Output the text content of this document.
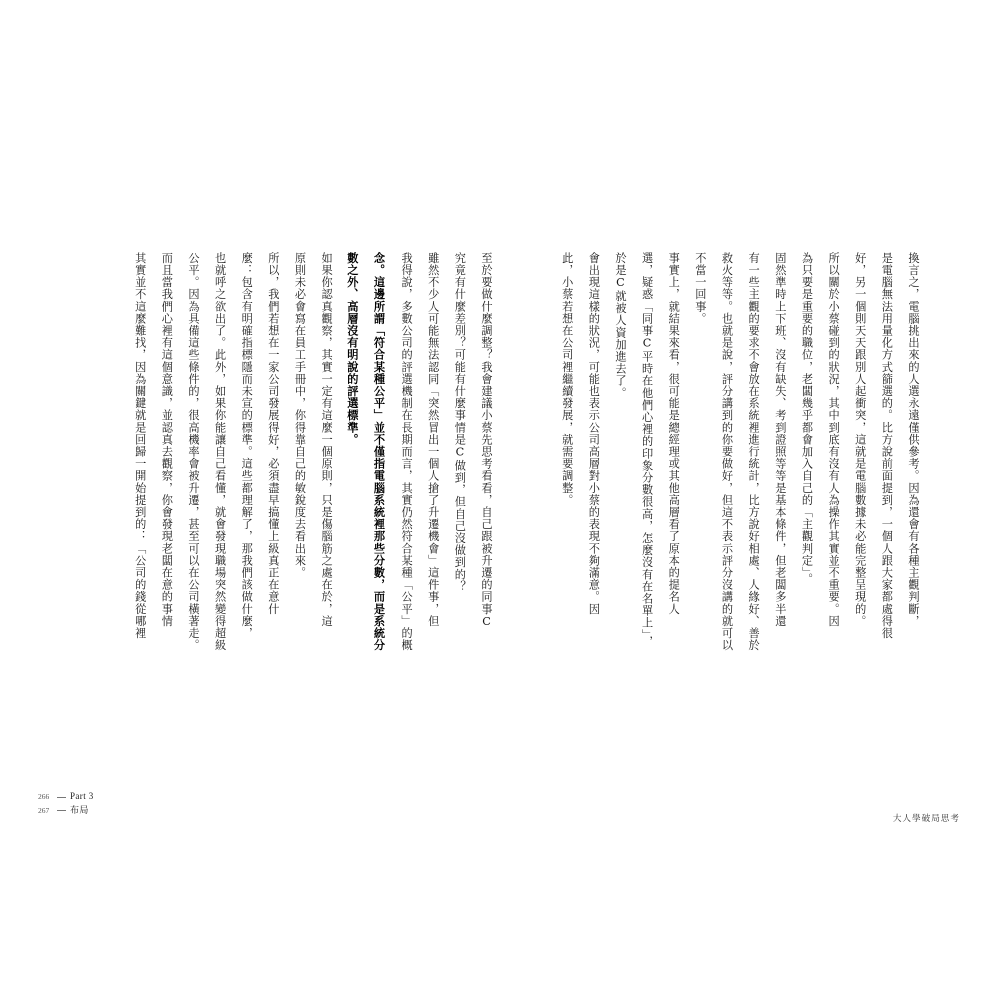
換言之，電腦挑出來的人選永遠僅供參考。因為還會有各種主觀判斷，
是電腦無法用量化方式篩選的。比方說前面提到，一個人跟大家都處得很
好，另一個則天天跟別人起衝突，這就是電腦數據未必能完整呈現的。
所以關於小蔡碰到的狀況，其中到底有沒有人為操作其實並不重要。因
為只要是重要的職位，老闆幾乎都會加入自己的「主觀判定」。
固然準時上下班、沒有缺失、考到證照等等是基本條件，但老闆多半還
有一些主觀的要求不會放在系統裡進行統計，比方說好相處、人緣好、善於
救火等等。也就是說，評分講到的你要做好，但這不表示評分沒講的就可以
不當一回事。
事實上，就結果來看，很可能是總經理或其他高層看了原本的提名人
選，疑惑「同事C平時在他們心裡的印象分數很高，怎麼沒有在名單上」，
於是C就被人資加進去了。
會出現這樣的狀況，可能也表示公司高層對小蔡的表現不夠滿意。因
此，小蔡若想在公司裡繼續發展，就需要調整。
至於要做什麼調整？我會建議小蔡先思考看看，自己跟被升遷的同事C
究竟有什麼差別？可能有什麼事情是C做到，但自己沒做到的？
雖然不少人可能無法認同「突然冒出一個人搶了升遷機會」這件事，但
我得說，多數公司的評選機制在長期而言，其實仍然符合某種「公平」的概
念。這邊所謂「符合某種公平」並不僅指電腦系統裡那些分數，而是系統分
數之外、高層沒有明說的評選標準。
如果你認真觀察，其實一定有這麼一個原則，只是傷腦筋之處在於，這
原則未必會寫在員工手冊中，你得靠自己的敏銳度去看出來。
所以，我們若想在一家公司發展得好，必須盡早搞懂上級真正在意什
麼：包含有明確指標隱而未宣的標準。這些都理解了，那我們該做什麼，
也就呼之欲出了。此外，如果你能讓自己看懂，就會發現職場突然變得超級
公平。因為具備這些條件的，很高機率會被升遷，甚至可以在公司橫著走。
而且當我們心裡有這個意識，並認真去觀察，你會發現老闆在意的事情
其實並不這麼難找，因為關鍵就是回歸一開始提到的：「公司的錢從哪裡
266 Part 3
267 布局
大人學破局思考
